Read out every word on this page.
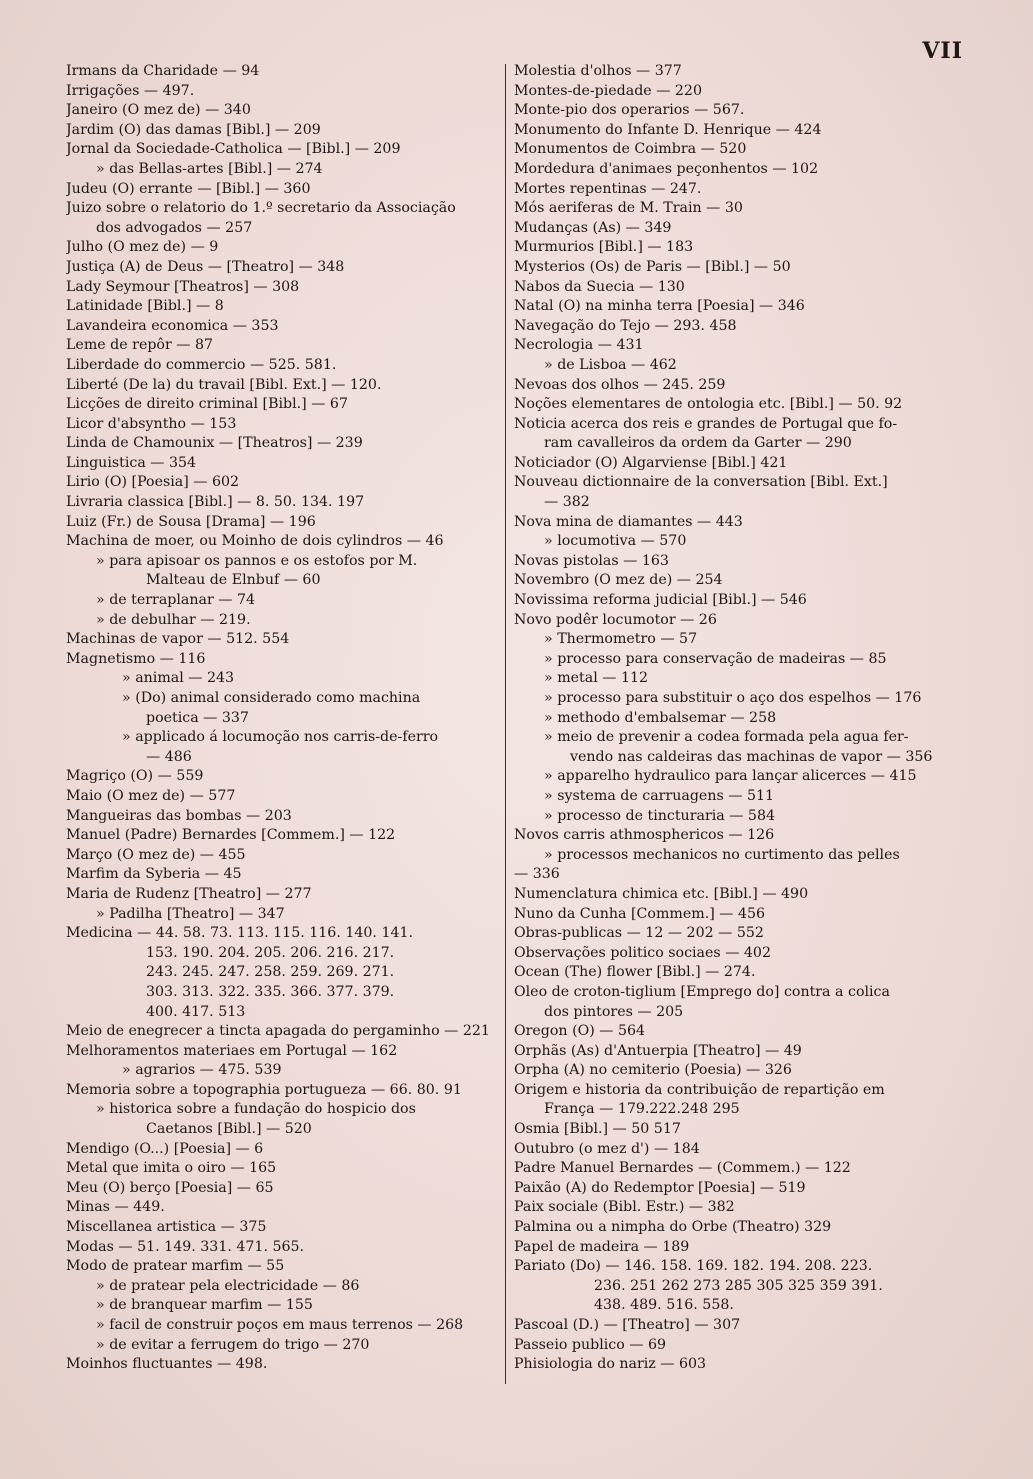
VII
Irmans da Charidade — 94
Irrigações — 497.
Janeiro (O mez de) — 340
Jardim (O) das damas [Bibl.] — 209
Jornal da Sociedade-Catholica — [Bibl.] — 209
» das Bellas-artes [Bibl.] — 274
Judeu (O) errante — [Bibl.] — 360
Juizo sobre o relatorio do 1.º secretario da Associação
dos advogados — 257
Julho (O mez de) — 9
Justiça (A) de Deus — [Theatro] — 348
Lady Seymour [Theatros] — 308
Latinidade [Bibl.] — 8
Lavandeira economica — 353
Leme de repôr — 87
Liberdade do commercio — 525. 581.
Liberté (De la) du travail [Bibl. Ext.] — 120.
Licções de direito criminal [Bibl.] — 67
Licor d'absyntho — 153
Linda de Chamounix — [Theatros] — 239
Linguistica — 354
Lirio (O) [Poesia] — 602
Livraria classica [Bibl.] — 8. 50. 134. 197
Luiz (Fr.) de Sousa [Drama] — 196
Machina de moer, ou Moinho de dois cylindros — 46
» para apisoar os pannos e os estofos por M.
Malteau de Elnbuf — 60
» de terraplanar — 74
» de debulhar — 219.
Machinas de vapor — 512. 554
Magnetismo — 116
» animal — 243
» (Do) animal considerado como machina
poetica — 337
» applicado á locumoção nos carris-de-ferro
— 486
Magriço (O) — 559
Maio (O mez de) — 577
Mangueiras das bombas — 203
Manuel (Padre) Bernardes [Commem.] — 122
Março (O mez de) — 455
Marfim da Syberia — 45
Maria de Rudenz [Theatro] — 277
» Padilha [Theatro] — 347
Medicina — 44. 58. 73. 113. 115. 116. 140. 141.
153. 190. 204. 205. 206. 216. 217.
243. 245. 247. 258. 259. 269. 271.
303. 313. 322. 335. 366. 377. 379.
400. 417. 513
Meio de enegrecer a tincta apagada do pergaminho — 221
Melhoramentos materiaes em Portugal — 162
» agrarios — 475. 539
Memoria sobre a topographia portugueza — 66. 80. 91
» historica sobre a fundação do hospicio dos
Caetanos [Bibl.] — 520
Mendigo (O...) [Poesia] — 6
Metal que imita o oiro — 165
Meu (O) berço [Poesia] — 65
Minas — 449.
Miscellanea artistica — 375
Modas — 51. 149. 331. 471. 565.
Modo de pratear marfim — 55
» de pratear pela electricidade — 86
» de branquear marfim — 155
» facil de construir poços em maus terrenos — 268
» de evitar a ferrugem do trigo — 270
Moinhos fluctuantes — 498.
Molestia d'olhos — 377
Montes-de-piedade — 220
Monte-pio dos operarios — 567.
Monumento do Infante D. Henrique — 424
Monumentos de Coimbra — 520
Mordedura d'animaes peçonhentos — 102
Mortes repentinas — 247.
Mós aeriferas de M. Train — 30
Mudanças (As) — 349
Murmurios [Bibl.] — 183
Mysterios (Os) de Paris — [Bibl.] — 50
Nabos da Suecia — 130
Natal (O) na minha terra [Poesia] — 346
Navegação do Tejo — 293. 458
Necrologia — 431
» de Lisboa — 462
Nevoas dos olhos — 245. 259
Noções elementares de ontologia etc. [Bibl.] — 50. 92
Noticia acerca dos reis e grandes de Portugal que fo-
ram cavalleiros da ordem da Garter — 290
Noticiador (O) Algarviense [Bibl.] 421
Nouveau dictionnaire de la conversation [Bibl. Ext.]
— 382
Nova mina de diamantes — 443
» locumotiva — 570
Novas pistolas — 163
Novembro (O mez de) — 254
Novissima reforma judicial [Bibl.] — 546
Novo podêr locumotor — 26
» Thermometro — 57
» processo para conservação de madeiras — 85
» metal — 112
» processo para substituir o aço dos espelhos — 176
» methodo d'embalsemar — 258
» meio de prevenir a codea formada pela agua fer-
vendo nas caldeiras das machinas de vapor — 356
» apparelho hydraulico para lançar alicerces — 415
» systema de carruagens — 511
» processo de tincturaria — 584
Novos carris athmosphericos — 126
» processos mechanicos no curtimento das pelles
— 336
Numenclatura chimica etc. [Bibl.] — 490
Nuno da Cunha [Commem.] — 456
Obras-publicas — 12 — 202 — 552
Observações politico sociaes — 402
Ocean (The) flower [Bibl.] — 274.
Oleo de croton-tiglium [Emprego do] contra a colica
dos pintores — 205
Oregon (O) — 564
Orphãs (As) d'Antuerpia [Theatro] — 49
Orpha (A) no cemiterio (Poesia) — 326
Origem e historia da contribuição de repartição em
França — 179.222.248 295
Osmia [Bibl.] — 50 517
Outubro (o mez d') — 184
Padre Manuel Bernardes — (Commem.) — 122
Paixão (A) do Redemptor [Poesia] — 519
Paix sociale (Bibl. Estr.) — 382
Palmina ou a nimpha do Orbe (Theatro) 329
Papel de madeira — 189
Pariato (Do) — 146. 158. 169. 182. 194. 208. 223.
236. 251 262 273 285 305 325 359 391.
438. 489. 516. 558.
Pascoal (D.) — [Theatro] — 307
Passeio publico — 69
Phisiologia do nariz — 603
